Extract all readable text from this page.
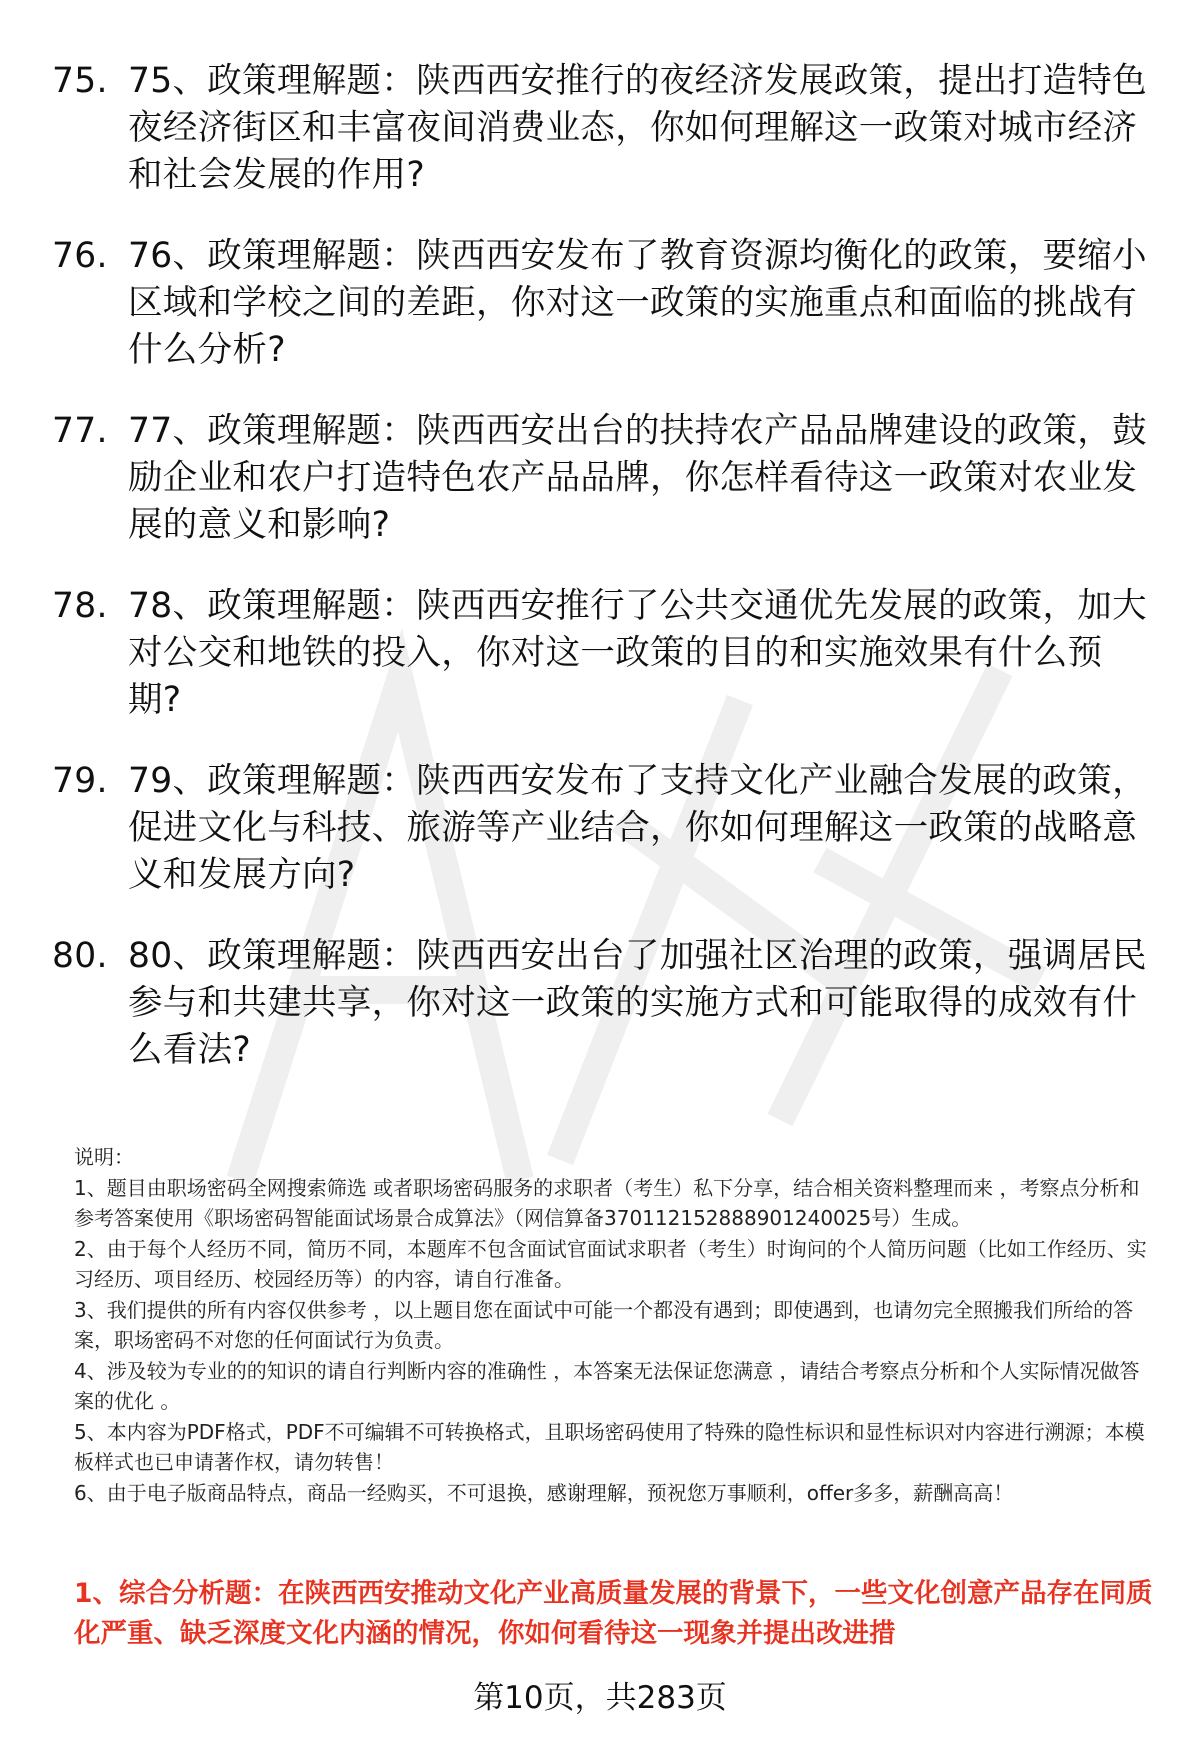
75. 75、政策理解题：陕西西安推行的夜经济发展政策，提出打造特色夜经济街区和丰富夜间消费业态，你如何理解这一政策对城市经济和社会发展的作用?
76. 76、政策理解题：陕西西安发布了教育资源均衡化的政策，要缩小区域和学校之间的差距，你对这一政策的实施重点和面临的挑战有什么分析?
77. 77、政策理解题：陕西西安出台的扶持农产品品牌建设的政策，鼓励企业和农户打造特色农产品品牌，你怎样看待这一政策对农业发展的意义和影响?
78. 78、政策理解题：陕西西安推行了公共交通优先发展的政策，加大对公交和地铁的投入，你对这一政策的目的和实施效果有什么预期?
79. 79、政策理解题：陕西西安发布了支持文化产业融合发展的政策，促进文化与科技、旅游等产业结合，你如何理解这一政策的战略意义和发展方向?
80. 80、政策理解题：陕西西安出台了加强社区治理的政策，强调居民参与和共建共享，你对这一政策的实施方式和可能取得的成效有什么看法?

说明：

1、题目由职场密码全网搜索筛选 或者职场密码服务的求职者（考生）私下分享，结合相关资料整理而来 ，考察点分析和参考答案使用《职场密码智能面试场景合成算法》（网信算备370112152888901240025号）生成。

2、由于每个人经历不同，简历不同，本题库不包含面试官面试求职者（考生）时询问的个人简历问题（比如工作经历、实习经历、项目经历、校园经历等）的内容，请自行准备。

3、我们提供的所有内容仅供参考 ，以上题目您在面试中可能一个都没有遇到；即使遇到，也请勿完全照搬我们所给的答案，职场密码不对您的任何面试行为负责。

4、涉及较为专业的的知识的请自行判断内容的准确性 ，本答案无法保证您满意 ，请结合考察点分析和个人实际情况做答案的优化 。

5、本内容为PDF格式，PDF不可编辑不可转换格式，且职场密码使用了特殊的隐性标识和显性标识对内容进行溯源；本模板样式也已申请著作权，请勿转售！

6、由于电子版商品特点，商品一经购买，不可退换，感谢理解，预祝您万事顺利，offer多多，薪酬高高！

1、综合分析题：在陕西西安推动文化产业高质量发展的背景下，一些文化创意产品存在同质化严重、缺乏深度文化内涵的情况，你如何看待这一现象并提出改进措

第10页，共283页
